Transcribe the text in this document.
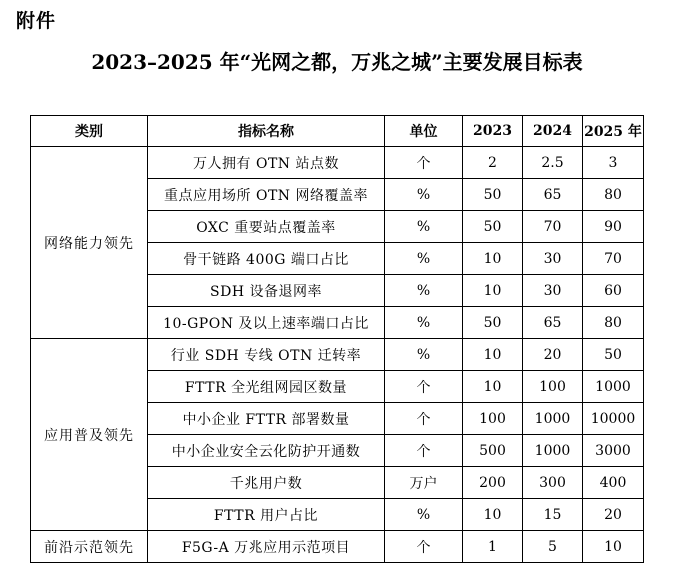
附件
2023–2025 年“光网之都，万兆之城”主要发展目标表
类别	指标名称	单位	2023	2024	2025 年
网络能力领先	万人拥有 OTN 站点数	个	2	2.5	3
	重点应用场所 OTN 网络覆盖率	%	50	65	80
	OXC 重要站点覆盖率	%	50	70	90
	骨干链路 400G 端口占比	%	10	30	70
	SDH 设备退网率	%	10	30	60
	10-GPON 及以上速率端口占比	%	50	65	80
应用普及领先	行业 SDH 专线 OTN 迁转率	%	10	20	50
	FTTR 全光组网园区数量	个	10	100	1000
	中小企业 FTTR 部署数量	个	100	1000	10000
	中小企业安全云化防护开通数	个	500	1000	3000
	千兆用户数	万户	200	300	400
	FTTR 用户占比	%	10	15	20
前沿示范领先	F5G-A 万兆应用示范项目	个	1	5	10
